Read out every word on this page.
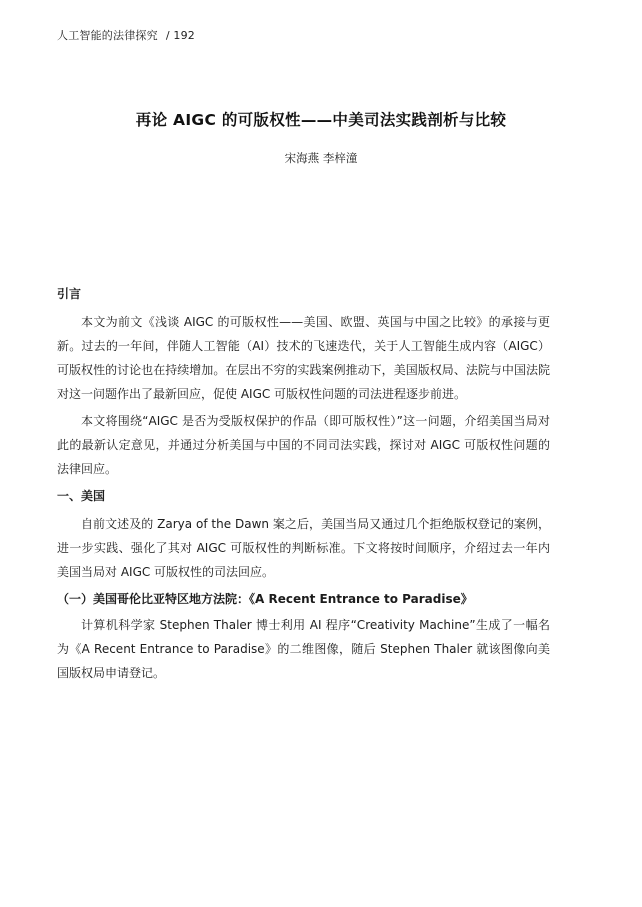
人工智能的法律探究 / 192
再论 AIGC 的可版权性——中美司法实践剖析与比较
宋海燕 李梓潼
引言

本文为前文《浅谈 AIGC 的可版权性——美国、欧盟、英国与中国之比较》的承接与更新。过去的一年间，伴随人工智能（AI）技术的飞速迭代，关于人工智能生成内容（AIGC）可版权性的讨论也在持续增加。在层出不穷的实践案例推动下，美国版权局、法院与中国法院对这一问题作出了最新回应，促使 AIGC 可版权性问题的司法进程逐步前进。

本文将围绕“AIGC 是否为受版权保护的作品（即可版权性）”这一问题，介绍美国当局对此的最新认定意见，并通过分析美国与中国的不同司法实践，探讨对 AIGC 可版权性问题的法律回应。

一、美国

自前文述及的 Zarya of the Dawn 案之后，美国当局又通过几个拒绝版权登记的案例，进一步实践、强化了其对 AIGC 可版权性的判断标准。下文将按时间顺序，介绍过去一年内美国当局对 AIGC 可版权性的司法回应。

（一）美国哥伦比亚特区地方法院：《A Recent Entrance to Paradise》

计算机科学家 Stephen Thaler 博士利用 AI 程序“Creativity Machine”生成了一幅名为《A Recent Entrance to Paradise》的二维图像，随后 Stephen Thaler 就该图像向美国版权局申请登记。
